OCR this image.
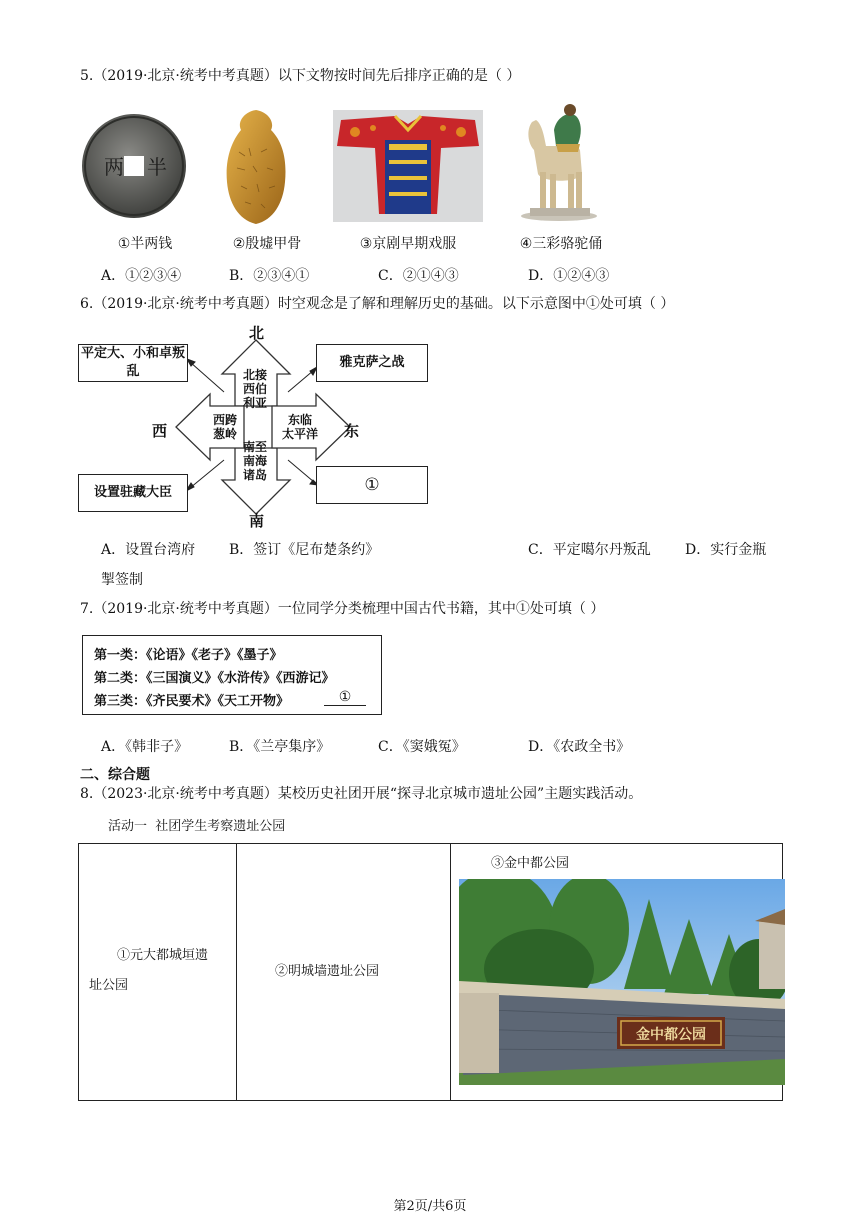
5.（2019·北京·统考中考真题）以下文物按时间先后排序正确的是（ ）
两 半
①半两钱	②殷墟甲骨	③京剧早期戏服	④三彩骆驼俑
A．①②③④	B．②③④①	C．②①④③	D．①②④③
6.（2019·北京·统考中考真题）时空观念是了解和理解历史的基础。以下示意图中①处可填（ ）
北
南
西	东
北接
西伯
利亚
南至
南海
诸岛
西跨
葱岭
东临
太平洋
平定大、小和卓叛乱
雅克萨之战
设置驻藏大臣	①
A．设置台湾府 B．签订《尼布楚条约》	C．平定噶尔丹叛乱 D．实行金瓶
掣签制
7.（2019·北京·统考中考真题）一位同学分类梳理中国古代书籍，其中①处可填（ ）
第一类：《论语》《老子》《墨子》
第二类：《三国演义》《水浒传》《西游记》
第三类：《齐民要术》《天工开物》	①
A．《韩非子》	B．《兰亭集序》	C．《窦娥冤》	D．《农政全书》
二、综合题
8.（2023·北京·统考中考真题）某校历史社团开展“探寻北京城市遗址公园”主题实践活动。
活动一  社团学生考察遗址公园
①元大都城垣遗
址公园

②明城墙遗址公园

③金中都公园
金中都公园
第2页/共6页
